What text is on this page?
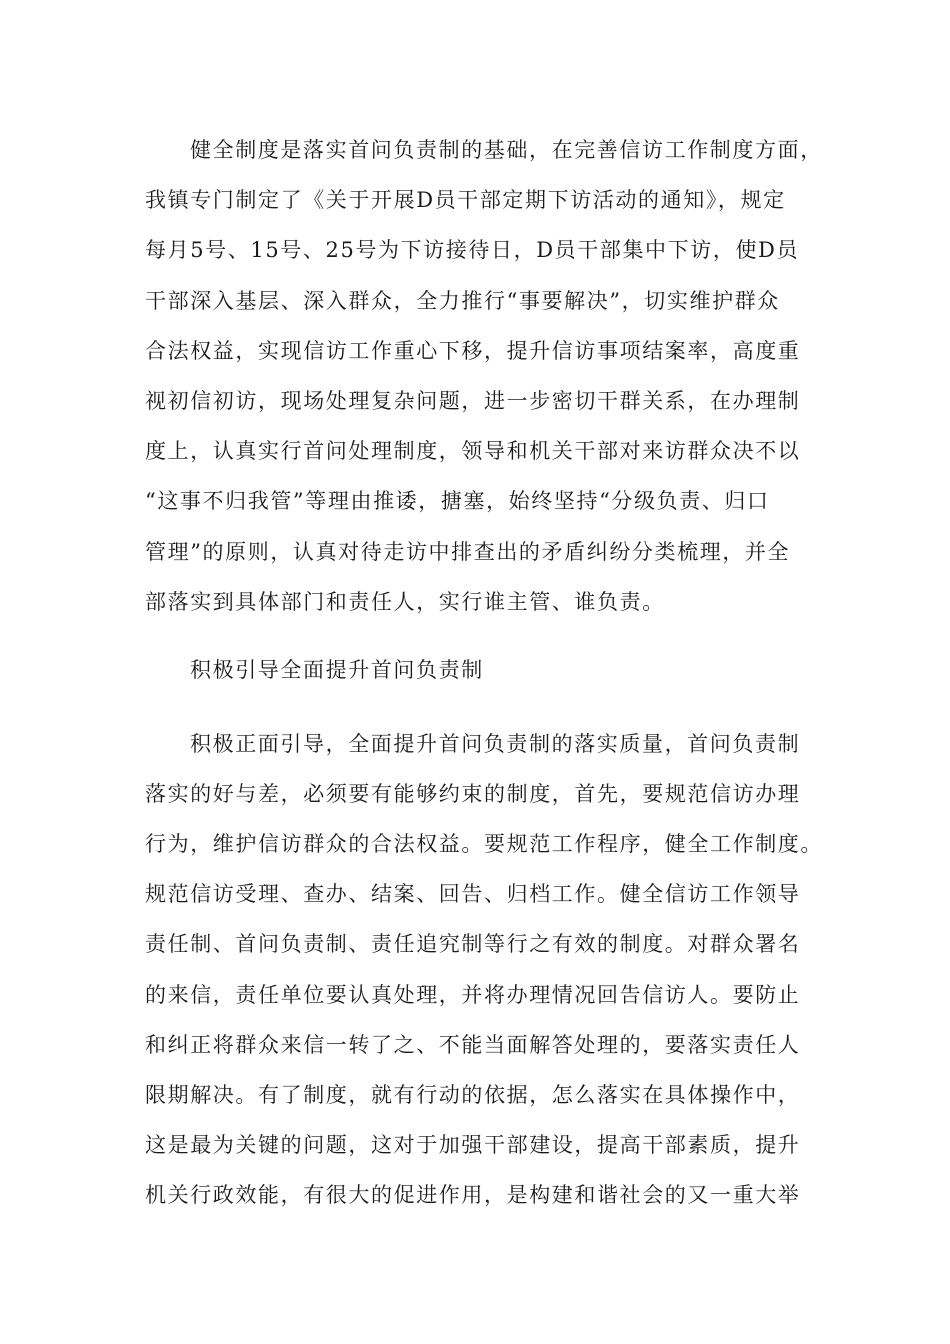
健全制度是落实首问负责制的基础，在完善信访工作制度方面，
我镇专门制定了《关于开展D员干部定期下访活动的通知》，规定
每月5号、15号、25号为下访接待日，D员干部集中下访，使D员
干部深入基层、深入群众，全力推行“事要解决”，切实维护群众
合法权益，实现信访工作重心下移，提升信访事项结案率，高度重
视初信初访，现场处理复杂问题，进一步密切干群关系，在办理制
度上，认真实行首问处理制度，领导和机关干部对来访群众决不以
“这事不归我管”等理由推诿，搪塞，始终坚持“分级负责、归口
管理”的原则，认真对待走访中排查出的矛盾纠纷分类梳理，并全
部落实到具体部门和责任人，实行谁主管、谁负责。
积极引导全面提升首问负责制
积极正面引导，全面提升首问负责制的落实质量，首问负责制
落实的好与差，必须要有能够约束的制度，首先，要规范信访办理
行为，维护信访群众的合法权益。要规范工作程序，健全工作制度。
规范信访受理、查办、结案、回告、归档工作。健全信访工作领导
责任制、首问负责制、责任追究制等行之有效的制度。对群众署名
的来信，责任单位要认真处理，并将办理情况回告信访人。要防止
和纠正将群众来信一转了之、不能当面解答处理的，要落实责任人
限期解决。有了制度，就有行动的依据，怎么落实在具体操作中，
这是最为关键的问题，这对于加强干部建设，提高干部素质，提升
机关行政效能，有很大的促进作用，是构建和谐社会的又一重大举
